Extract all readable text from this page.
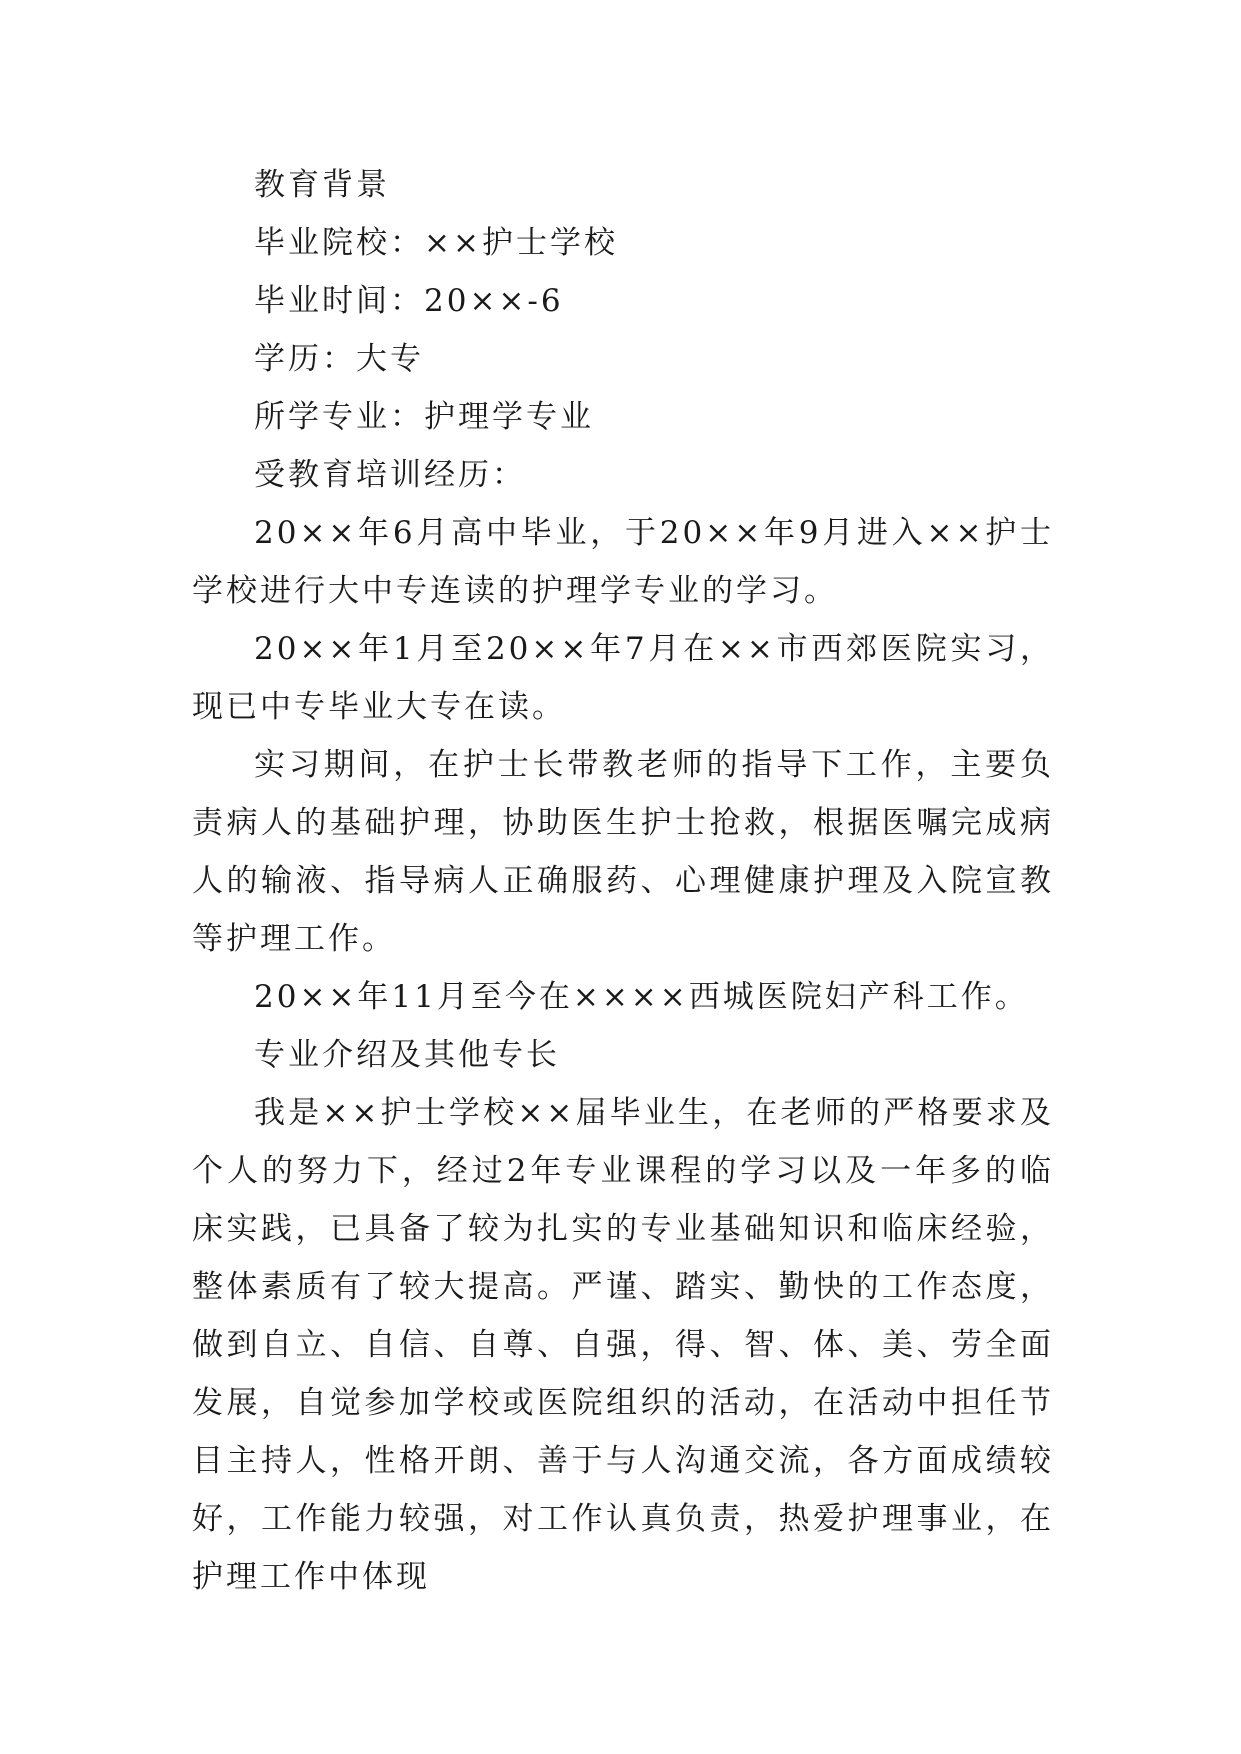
教育背景

毕业院校：××护士学校

毕业时间：20××-6

学历：大专

所学专业：护理学专业

受教育培训经历：

20××年6月高中毕业，于20××年9月进入××护士学校进行大中专连读的护理学专业的学习。

20××年1月至20××年7月在××市西郊医院实习，现已中专毕业大专在读。

实习期间，在护士长带教老师的指导下工作，主要负责病人的基础护理，协助医生护士抢救，根据医嘱完成病人的输液、指导病人正确服药、心理健康护理及入院宣教等护理工作。

20××年11月至今在××××西城医院妇产科工作。

专业介绍及其他专长

我是××护士学校××届毕业生，在老师的严格要求及个人的努力下，经过2年专业课程的学习以及一年多的临床实践，已具备了较为扎实的专业基础知识和临床经验，整体素质有了较大提高。严谨、踏实、勤快的工作态度，做到自立、自信、自尊、自强，得、智、体、美、劳全面发展，自觉参加学校或医院组织的活动，在活动中担任节目主持人，性格开朗、善于与人沟通交流，各方面成绩较好，工作能力较强，对工作认真负责，热爱护理事业，在护理工作中体现
